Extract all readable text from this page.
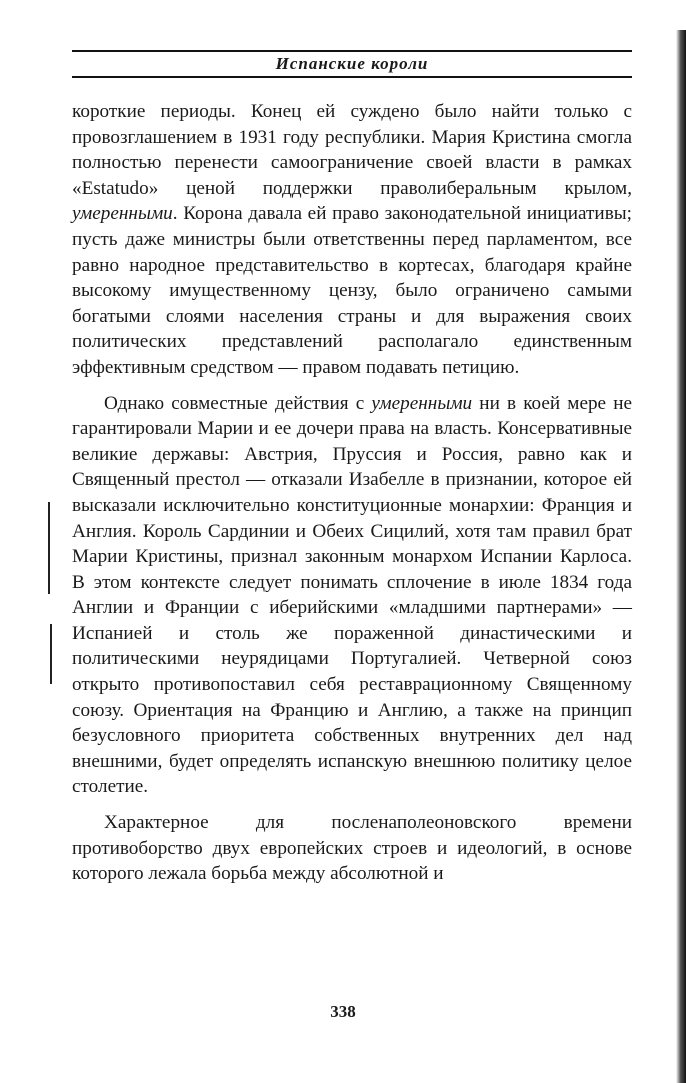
Испанские короли

короткие периоды. Конец ей суждено было найти только с провозглашением в 1931 году республики. Мария Кристина смогла полностью перенести самоограничение своей власти в рамках «Estatudo» ценой поддержки праволиберальным крылом, умеренными. Корона давала ей право законодательной инициативы; пусть даже министры были ответственны перед парламентом, все равно народное представительство в кортесах, благодаря крайне высокому имущественному цензу, было ограничено самыми богатыми слоями населения страны и для выражения своих политических представлений располагало единственным эффективным средством — правом подавать петицию.

Однако совместные действия с умеренными ни в коей мере не гарантировали Марии и ее дочери права на власть. Консервативные великие державы: Австрия, Пруссия и Россия, равно как и Священный престол — отказали Изабелле в признании, которое ей высказали исключительно конституционные монархии: Франция и Англия. Король Сардинии и Обеих Сицилий, хотя там правил брат Марии Кристины, признал законным монархом Испании Карлоса. В этом контексте следует понимать сплочение в июле 1834 года Англии и Франции с иберийскими «младшими партнерами» — Испанией и столь же пораженной династическими и политическими неурядицами Португалией. Четверной союз открыто противопоставил себя реставрационному Священному союзу. Ориентация на Францию и Англию, а также на принцип безусловного приоритета собственных внутренних дел над внешними, будет определять испанскую внешнюю политику целое столетие.

Характерное для посленаполеоновского времени противоборство двух европейских строев и идеологий, в основе которого лежала борьба между абсолютной и

338
